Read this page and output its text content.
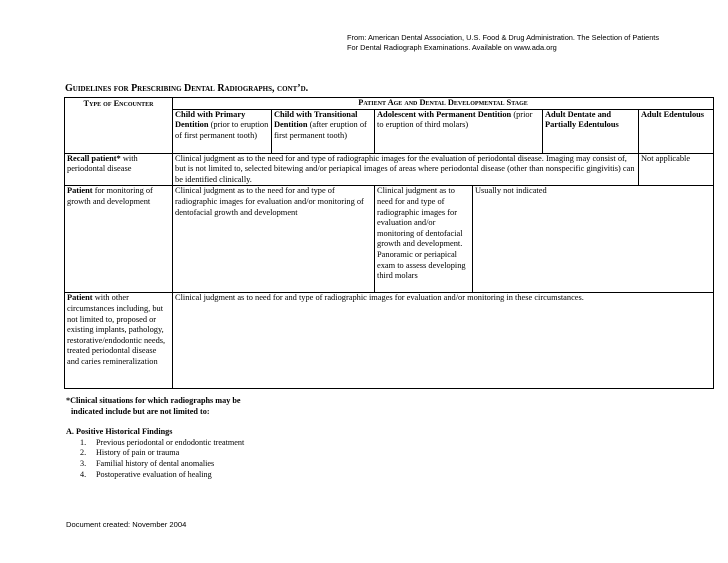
From: American Dental Association, U.S. Food & Drug Administration. The Selection of Patients
For Dental Radiograph Examinations. Available on www.ada.org
Guidelines for Prescribing Dental Radiographs, cont’d.
Type of Encounter	Patient Age and Dental Developmental Stage					
	Child with Primary Dentition (prior to eruption of first permanent tooth)	Child with Transitional Dentition (after eruption of first permanent tooth)	Adolescent with Permanent Dentition (prior to eruption of third molars)		Adult Dentate and Partially Edentulous	Adult Edentulous
Recall patient* with periodontal disease	Clinical judgment as to the need for and type of radiographic images for the evaluation of periodontal disease. Imaging may consist of, but is not limited to, selected bitewing and/or periapical images of areas where periodontal disease (other than nonspecific gingivitis) can be identified clinically.					Not applicable
Patient for monitoring of growth and development	Clinical judgment as to the need for and type of radiographic images for evaluation and/or monitoring of dentofacial growth and development		Clinical judgment as to need for and type of radiographic images for evaluation and/or monitoring of dentofacial growth and development. Panoramic or periapical exam to assess developing third molars	Usually not indicated		
Patient with other circumstances including, but not limited to, proposed or existing implants, pathology, restorative/endodontic needs, treated periodontal disease and caries remineralization	Clinical judgment as to need for and type of radiographic images for evaluation and/or monitoring in these circumstances.					
*Clinical situations for which radiographs may be
indicated include but are not limited to:
A. Positive Historical Findings
1. Previous periodontal or endodontic treatment
2. History of pain or trauma
3. Familial history of dental anomalies
4. Postoperative evaluation of healing
Document created: November 2004
